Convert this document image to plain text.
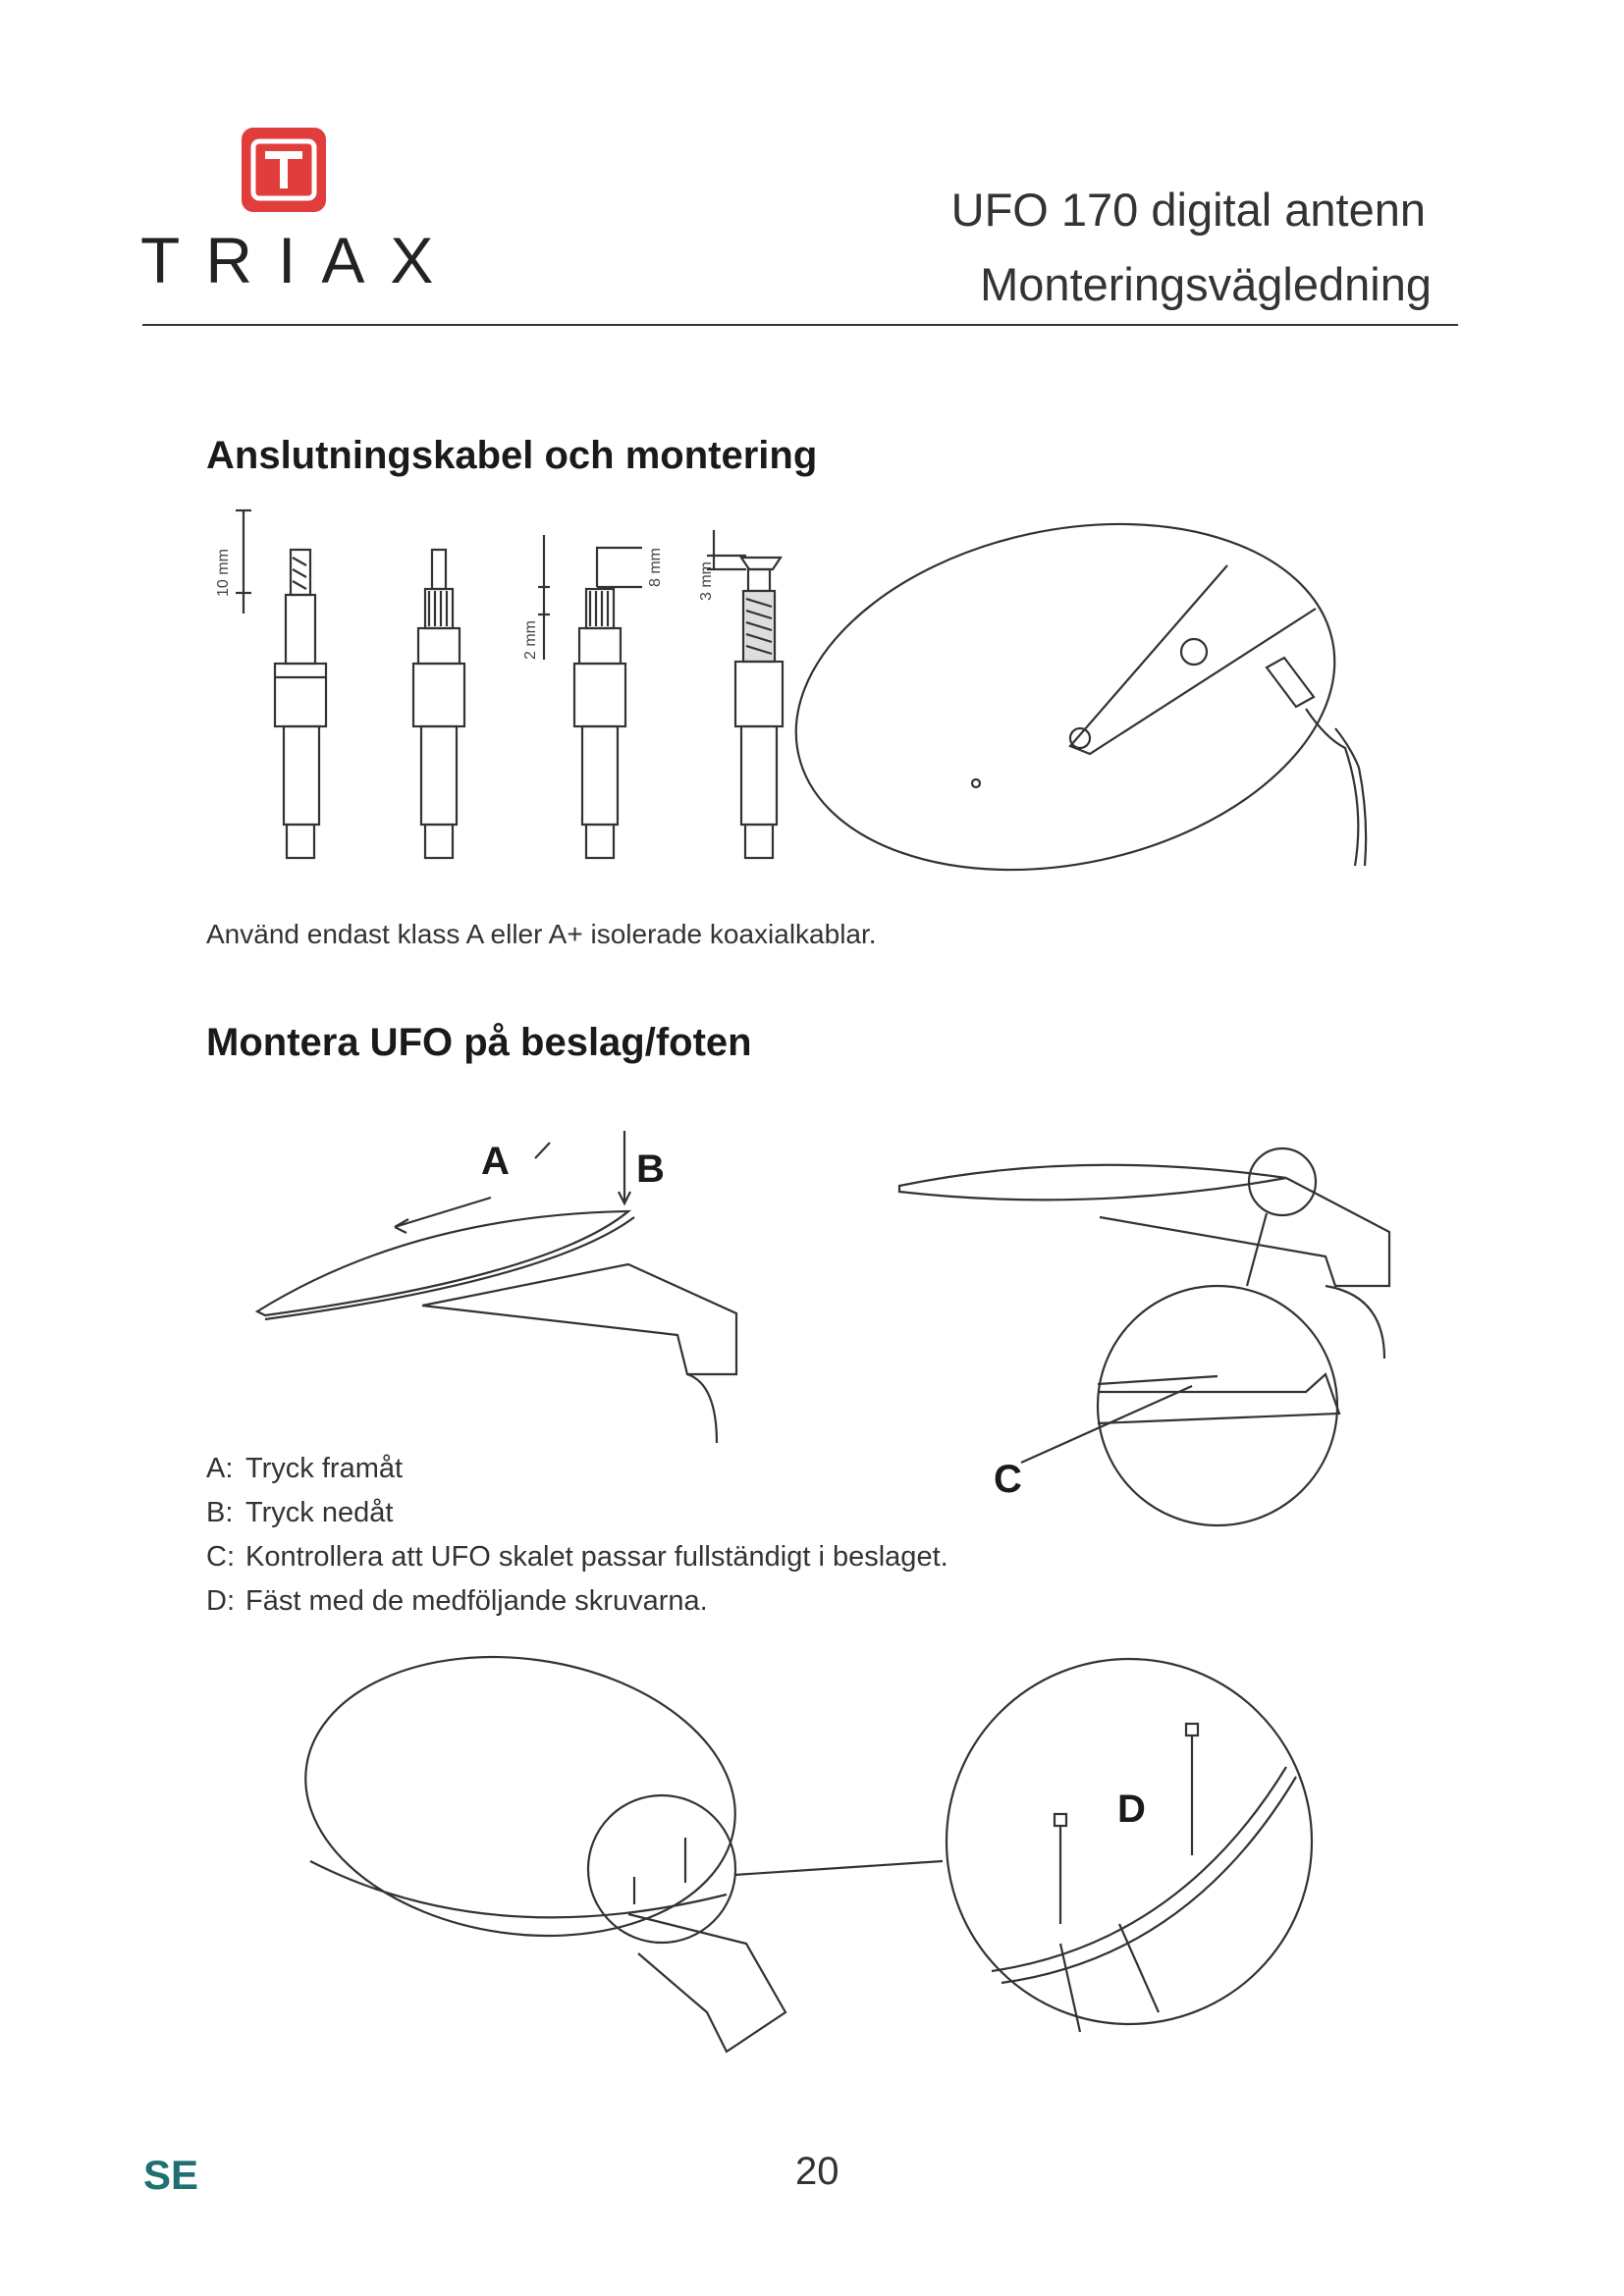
TRIAX
UFO 170 digital antenn
Monteringsvägledning
Anslutningskabel och montering
10 mm
2 mm
8 mm 3 mm
Använd endast klass A eller A+ isolerade koaxialkablar.
Montera UFO på beslag/foten
A	B
C
D
A: Tryck framåt
B: Tryck nedåt
C: Kontrollera att UFO skalet passar fullständigt i beslaget.
D: Fäst med de medföljande skruvarna.
SE	20
